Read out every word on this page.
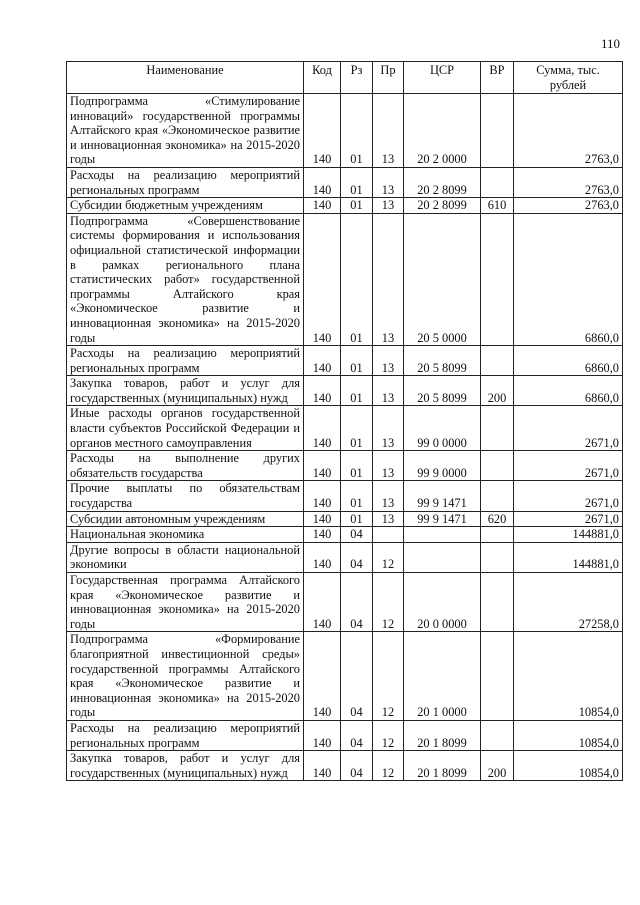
110
Наименование	Код	Рз	Пр	ЦСР	ВР	Сумма, тыс. рублей
Подпрограмма «Стимулирование инноваций» государственной программы Алтайского края «Экономическое развитие и инновационная экономика» на 2015-2020 годы	140	01	13	20 2 0000		2763,0
Расходы на реализацию мероприятий региональных программ	140	01	13	20 2 8099		2763,0
Субсидии бюджетным учреждениям	140	01	13	20 2 8099	610	2763,0
Подпрограмма «Совершенствование системы формирования и использования официальной статистической информации в рамках регионального плана статистических работ» государственной программы Алтайского края «Экономическое развитие и инновационная экономика» на 2015-2020 годы	140	01	13	20 5 0000		6860,0
Расходы на реализацию мероприятий региональных программ	140	01	13	20 5 8099		6860,0
Закупка товаров, работ и услуг для государственных (муниципальных) нужд	140	01	13	20 5 8099	200	6860,0
Иные расходы органов государственной власти субъектов Российской Федерации и органов местного самоуправления	140	01	13	99 0 0000		2671,0
Расходы на выполнение других обязательств государства	140	01	13	99 9 0000		2671,0
Прочие выплаты по обязательствам государства	140	01	13	99 9 1471		2671,0
Субсидии автономным учреждениям	140	01	13	99 9 1471	620	2671,0
Национальная экономика	140	04				144881,0
Другие вопросы в области национальной экономики	140	04	12			144881,0
Государственная программа Алтайского края «Экономическое развитие и инновационная экономика» на 2015-2020 годы	140	04	12	20 0 0000		27258,0
Подпрограмма «Формирование благоприятной инвестиционной среды» государственной программы Алтайского края «Экономическое развитие и инновационная экономика» на 2015-2020 годы	140	04	12	20 1 0000		10854,0
Расходы на реализацию мероприятий региональных программ	140	04	12	20 1 8099		10854,0
Закупка товаров, работ и услуг для государственных (муниципальных) нужд	140	04	12	20 1 8099	200	10854,0
